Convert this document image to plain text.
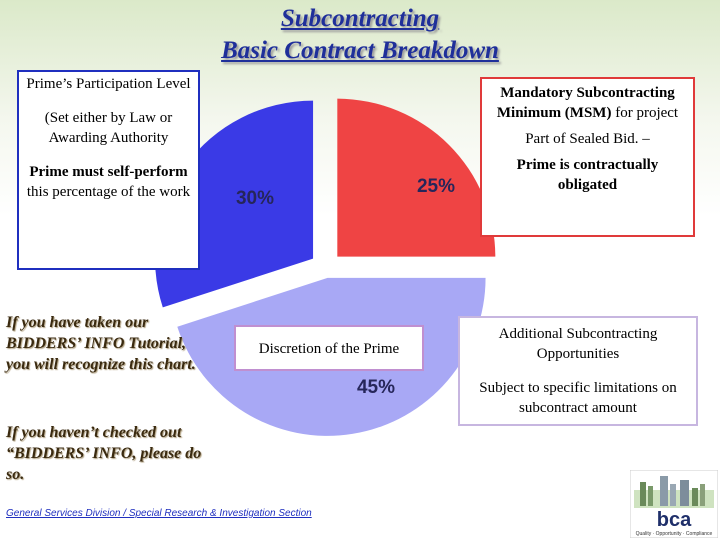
Subcontracting
Basic Contract Breakdown
30%
25%
45%
Prime’s Participation Level
(Set either by Law or Awarding Authority
Prime must self-perform this percentage of the work
Mandatory Subcontracting Minimum (MSM) for project
Part of Sealed Bid. –
Prime is contractually obligated
Discretion of the Prime
Additional Subcontracting Opportunities
Subject to specific limitations on subcontract amount
If you have taken our BIDDERS’ INFO Tutorial, you will recognize this chart.
If you haven’t checked out “BIDDERS’ INFO, please do so.
General Services Division / Special Research & Investigation Section	bca
Quality · Opportunity · Compliance
